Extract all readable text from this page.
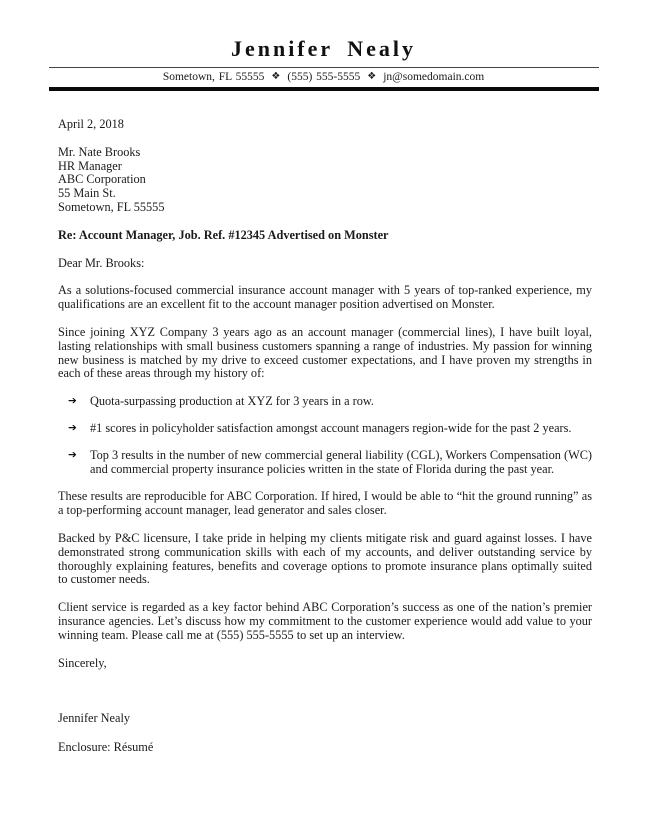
Jennifer Nealy
Sometown, FL 55555 ❖ (555) 555-5555 ❖ jn@somedomain.com

April 2, 2018

Mr. Nate Brooks
HR Manager
ABC Corporation
55 Main St.
Sometown, FL 55555

Re: Account Manager, Job. Ref. #12345 Advertised on Monster

Dear Mr. Brooks:

As a solutions-focused commercial insurance account manager with 5 years of top-ranked experience, my qualifications are an excellent fit to the account manager position advertised on Monster.

Since joining XYZ Company 3 years ago as an account manager (commercial lines), I have built loyal, lasting relationships with small business customers spanning a range of industries. My passion for winning new business is matched by my drive to exceed customer expectations, and I have proven my strengths in each of these areas through my history of:

➔	Quota-surpassing production at XYZ for 3 years in a row.
➔	#1 scores in policyholder satisfaction amongst account managers region-wide for the past 2 years.
➔	Top 3 results in the number of new commercial general liability (CGL), Workers Compensation (WC) and commercial property insurance policies written in the state of Florida during the past year.

These results are reproducible for ABC Corporation. If hired, I would be able to “hit the ground running” as a top-performing account manager, lead generator and sales closer.

Backed by P&C licensure, I take pride in helping my clients mitigate risk and guard against losses. I have demonstrated strong communication skills with each of my accounts, and deliver outstanding service by thoroughly explaining features, benefits and coverage options to promote insurance plans optimally suited to customer needs.

Client service is regarded as a key factor behind ABC Corporation’s success as one of the nation’s premier insurance agencies. Let’s discuss how my commitment to the customer experience would add value to your winning team. Please call me at (555) 555-5555 to set up an interview.

Sincerely,

Jennifer Nealy

Enclosure: Résumé
